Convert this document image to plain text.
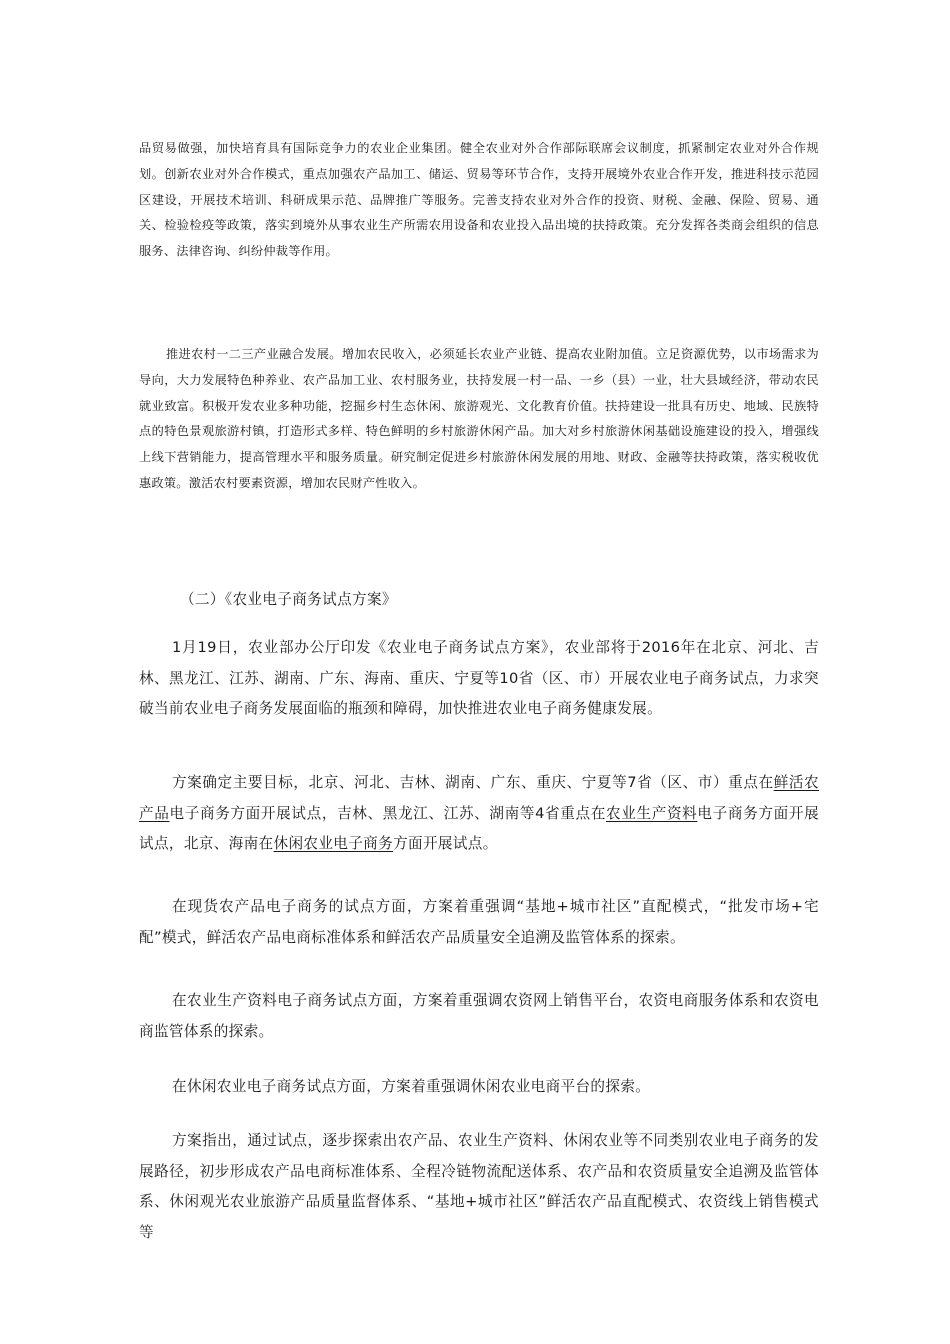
品贸易做强，加快培育具有国际竞争力的农业企业集团。健全农业对外合作部际联席会议制度，抓紧制定农业对外合作规划。创新农业对外合作模式，重点加强农产品加工、储运、贸易等环节合作，支持开展境外农业合作开发，推进科技示范园区建设，开展技术培训、科研成果示范、品牌推广等服务。完善支持农业对外合作的投资、财税、金融、保险、贸易、通关、检验检疫等政策，落实到境外从事农业生产所需农用设备和农业投入品出境的扶持政策。充分发挥各类商会组织的信息服务、法律咨询、纠纷仲裁等作用。

推进农村一二三产业融合发展。增加农民收入，必须延长农业产业链、提高农业附加值。立足资源优势，以市场需求为导向，大力发展特色种养业、农产品加工业、农村服务业，扶持发展一村一品、一乡（县）一业，壮大县域经济，带动农民就业致富。积极开发农业多种功能，挖掘乡村生态休闲、旅游观光、文化教育价值。扶持建设一批具有历史、地域、民族特点的特色景观旅游村镇，打造形式多样、特色鲜明的乡村旅游休闲产品。加大对乡村旅游休闲基础设施建设的投入，增强线上线下营销能力，提高管理水平和服务质量。研究制定促进乡村旅游休闲发展的用地、财政、金融等扶持政策，落实税收优惠政策。激活农村要素资源，增加农民财产性收入。

（二）《农业电子商务试点方案》

1月19日，农业部办公厅印发《农业电子商务试点方案》，农业部将于2016年在北京、河北、吉林、黑龙江、江苏、湖南、广东、海南、重庆、宁夏等10省（区、市）开展农业电子商务试点，力求突破当前农业电子商务发展面临的瓶颈和障碍，加快推进农业电子商务健康发展。

方案确定主要目标，北京、河北、吉林、湖南、广东、重庆、宁夏等7省（区、市）重点在鲜活农产品电子商务方面开展试点，吉林、黑龙江、江苏、湖南等4省重点在农业生产资料电子商务方面开展试点，北京、海南在休闲农业电子商务方面开展试点。

在现货农产品电子商务的试点方面，方案着重强调“基地+城市社区”直配模式，“批发市场+宅配”模式，鲜活农产品电商标准体系和鲜活农产品质量安全追溯及监管体系的探索。

在农业生产资料电子商务试点方面，方案着重强调农资网上销售平台，农资电商服务体系和农资电商监管体系的探索。

在休闲农业电子商务试点方面，方案着重强调休闲农业电商平台的探索。

方案指出，通过试点，逐步探索出农产品、农业生产资料、休闲农业等不同类别农业电子商务的发展路径，初步形成农产品电商标准体系、全程冷链物流配送体系、农产品和农资质量安全追溯及监管体系、休闲观光农业旅游产品质量监督体系、“基地+城市社区”鲜活农产品直配模式、农资线上销售模式等
